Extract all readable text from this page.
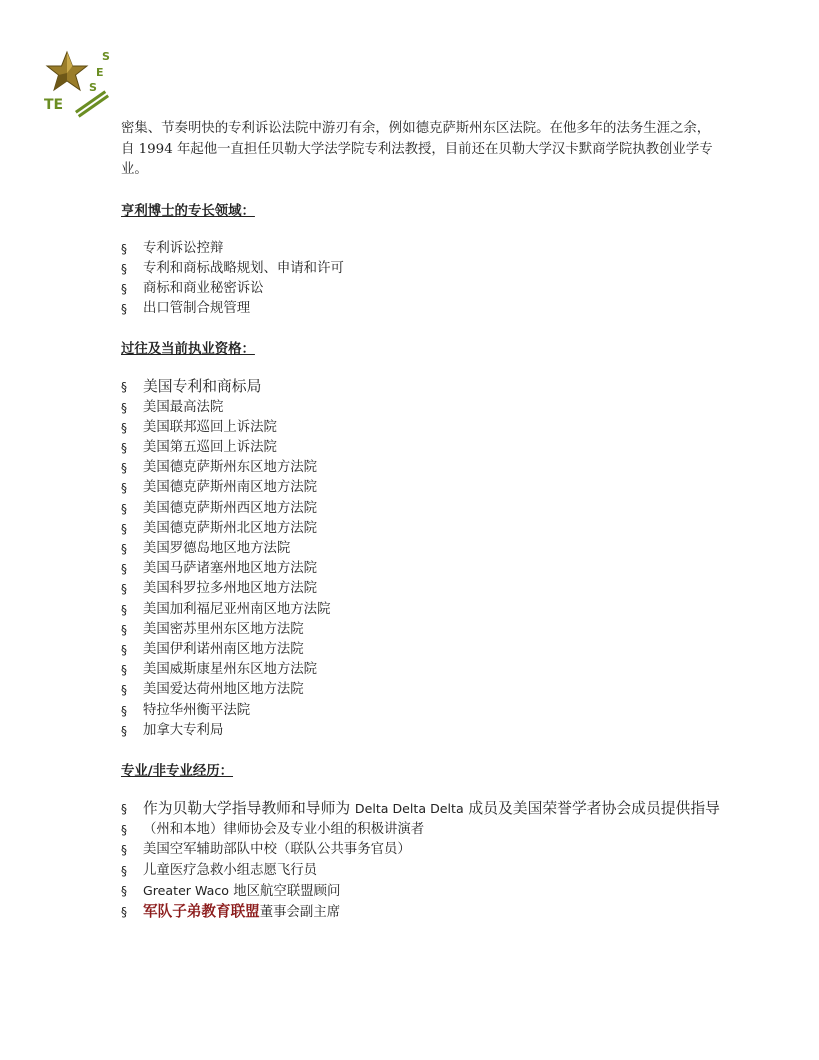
TE
S
E
S

密集、节奏明快的专利诉讼法院中游刃有余，例如德克萨斯州东区法院。在他多年的法务生涯之余，自 1994 年起他一直担任贝勒大学法学院专利法教授，目前还在贝勒大学汉卡默商学院执教创业学专业。

亨利博士的专长领域：

§	专利诉讼控辩
§	专利和商标战略规划、申请和许可
§	商标和商业秘密诉讼
§	出口管制合规管理

过往及当前执业资格：

§	美国专利和商标局
§	美国最高法院
§	美国联邦巡回上诉法院
§	美国第五巡回上诉法院
§	美国德克萨斯州东区地方法院
§	美国德克萨斯州南区地方法院
§	美国德克萨斯州西区地方法院
§	美国德克萨斯州北区地方法院
§	美国罗德岛地区地方法院
§	美国马萨诸塞州地区地方法院
§	美国科罗拉多州地区地方法院
§	美国加利福尼亚州南区地方法院
§	美国密苏里州东区地方法院
§	美国伊利诺州南区地方法院
§	美国威斯康星州东区地方法院
§	美国爱达荷州地区地方法院
§	特拉华州衡平法院
§	加拿大专利局

专业/非专业经历：

§ 作为贝勒大学指导教师和导师为 Delta Delta Delta 成员及美国荣誉学者协会成员提供指导
§	（州和本地）律师协会及专业小组的积极讲演者
§	美国空军辅助部队中校（联队公共事务官员）
§	儿童医疗急救小组志愿飞行员
§	Greater Waco 地区航空联盟顾问
§	军队子弟教育联盟董事会副主席
